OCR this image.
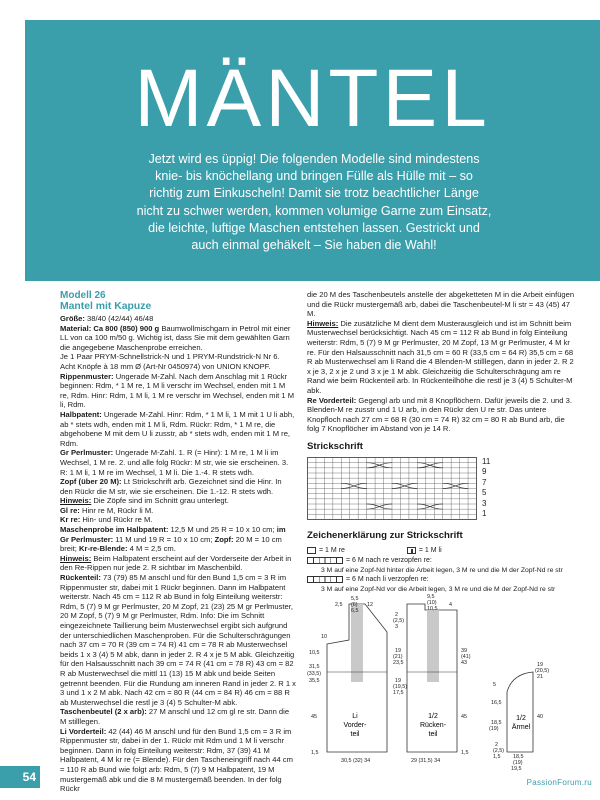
MÄNTEL
Jetzt wird es üppig! Die folgenden Modelle sind mindestens
knie- bis knöchellang und bringen Fülle als Hülle mit – so
richtig zum Einkuscheln! Damit sie trotz beachtlicher Länge
nicht zu schwer werden, kommen volumige Garne zum Einsatz,
die leichte, luftige Maschen entstehen lassen. Gestrickt und
auch einmal gehäkelt – Sie haben die Wahl!
Modell 26
Mantel mit Kapuze
Größe: 38/40 (42/44) 46/48
Material: Ca 800 (850) 900 g Baumwollmischgarn in Petrol mit einer LL von ca 100 m/50 g. Wichtig ist, dass Sie mit dem gewählten Garn die angegebene Maschenprobe erreichen.
Je 1 Paar PRYM-Schnellstrick-N und 1 PRYM-Rundstrick-N Nr 6. Acht Knöpfe à 18 mm Ø (Art-Nr 0450974) von UNION KNOPF.
Rippenmuster: Ungerade M-Zahl. Nach dem Anschlag mit 1 Rückr beginnen: Rdm, * 1 M re, 1 M li verschr im Wechsel, enden mit 1 M re, Rdm. Hinr: Rdm, 1 M li, 1 M re verschr im Wechsel, enden mit 1 M li, Rdm.
Halbpatent: Ungerade M-Zahl. Hinr: Rdm, * 1 M li, 1 M mit 1 U li abh, ab * stets wdh, enden mit 1 M li, Rdm. Rückr: Rdm, * 1 M re, die abgehobene M mit dem U li zusstr, ab * stets wdh, enden mit 1 M re, Rdm.
Gr Perlmuster: Ungerade M-Zahl. 1. R (= Hinr): 1 M re, 1 M li im Wechsel, 1 M re. 2. und alle folg Rückr: M str, wie sie erscheinen. 3. R: 1 M li, 1 M re im Wechsel, 1 M li. Die 1.-4. R stets wdh.
Zopf (über 20 M): Lt Strickschrift arb. Gezeichnet sind die Hinr. In den Rückr die M str, wie sie erscheinen. Die 1.-12. R stets wdh.
Hinweis: Die Zöpfe sind im Schnitt grau unterlegt.
Gl re: Hinr re M, Rückr li M.
Kr re: Hin- und Rückr re M.
Maschenprobe im Halbpatent: 12,5 M und 25 R = 10 x 10 cm; im Gr Perlmuster: 11 M und 19 R = 10 x 10 cm; Zopf: 20 M = 10 cm breit; Kr-re-Blende: 4 M = 2,5 cm.
Hinweis: Beim Halbpatent erscheint auf der Vorderseite der Arbeit in den Re-Rippen nur jede 2. R sichtbar im Maschenbild.
Rückenteil: 73 (79) 85 M anschl und für den Bund 1,5 cm = 3 R im Rippenmuster str, dabei mit 1 Rückr beginnen. Dann im Halbpatent weiterstr. Nach 45 cm = 112 R ab Bund in folg Einteilung weiterstr: Rdm, 5 (7) 9 M gr Perlmuster, 20 M Zopf, 21 (23) 25 M gr Perlmuster, 20 M Zopf, 5 (7) 9 M gr Perlmuster, Rdm. Info: Die im Schnitt eingezeichnete Taillierung beim Musterwechsel ergibt sich aufgrund der unterschiedlichen Maschenproben. Für die Schulterschrägungen nach 37 cm = 70 R (39 cm = 74 R) 41 cm = 78 R ab Musterwechsel beids 1 x 3 (4) 5 M abk, dann in jeder 2. R 4 x je 5 M abk. Gleichzeitig für den Halsausschnitt nach 39 cm = 74 R (41 cm = 78 R) 43 cm = 82 R ab Musterwechsel die mittl 11 (13) 15 M abk und beide Seiten getrennt beenden. Für die Rundung am inneren Rand in jeder 2. R 1 x 3 und 1 x 2 M abk. Nach 42 cm = 80 R (44 cm = 84 R) 46 cm = 88 R ab Musterwechsel die restl je 3 (4) 5 Schulter-M abk.
Taschenbeutel (2 x arb): 27 M anschl und 12 cm gl re str. Dann die M stilllegen.
Li Vorderteil: 42 (44) 46 M anschl und für den Bund 1,5 cm = 3 R im Rippenmuster str, dabei in der 1. Rückr mit Rdm und 1 M li verschr beginnen. Dann in folg Einteilung weiterstr: Rdm, 37 (39) 41 M Halbpatent, 4 M kr re (= Blende). Für den Tascheneingriff nach 44 cm = 110 R ab Bund wie folgt arb: Rdm, 5 (7) 9 M Halbpatent, 19 M mustergemäß abk und die 8 M mustergemäß beenden. In der folg Rückr
die 20 M des Taschenbeutels anstelle der abgeketteten M in die Arbeit einfügen und die Rückr mustergemäß arb, dabei die Taschenbeutel-M li str = 43 (45) 47 M.
Hinweis: Die zusätzliche M dient dem Musterausgleich und ist im Schnitt beim Musterwechsel berücksichtigt. Nach 45 cm = 112 R ab Bund in folg Einteilung weiterstr: Rdm, 5 (7) 9 M gr Perlmuster, 20 M Zopf, 13 M gr Perlmuster, 4 M kr re. Für den Halsausschnitt nach 31,5 cm = 60 R (33,5 cm = 64 R) 35,5 cm = 68 R ab Musterwechsel am li Rand die 4 Blenden-M stilllegen, dann in jeder 2. R 2 x je 3, 2 x je 2 und 3 x je 1 M abk. Gleichzeitig die Schulterschrägung am re Rand wie beim Rückenteil arb. In Rückenteilhöhe die restl je 3 (4) 5 Schulter-M abk.
Re Vorderteil: Gegengl arb und mit 8 Knopflöchern. Dafür jeweils die 2. und 3. Blenden-M re zusstr und 1 U arb, in den Rückr den U re str. Das untere Knopfloch nach 27 cm = 68 R (30 cm = 74 R) 32 cm = 80 R ab Bund arb, die folg 7 Knopflöcher im Abstand von je 14 R.
Strickschrift
11
9
7
5
3
1
Zeichenerklärung zur Strickschrift
= 1 M re	= 1 M li
= 6 M nach re verzopfen re:
3 M auf eine Zopf-Nd hinter die Arbeit legen, 3 M re und die M der Zopf-Nd re str
= 6 M nach li verzopfen re:
3 M auf eine Zopf-Nd vor die Arbeit legen, 3 M re und die M der Zopf-Nd re str
Li
Vorder-
teil
1/2
Rücken-
teil
1/2
Ärmel
2,5
10
5,5
(6)
6,5
12
10,5
31,5
(33,5)
35,5
45
1,5
30,5 (32) 34
9,5
(10)
10,5
2
(2,5)
3
4
19
(21)
23,5
19
(19,5)
17,5
39
(41)
43
45
1,5
29 (31,5) 34
19
(20,5)
21
5
16,5
18,5
(19)
40
2
(2,5)
1,5 18,5
(19)
19,5
54	PassionForum.ru
